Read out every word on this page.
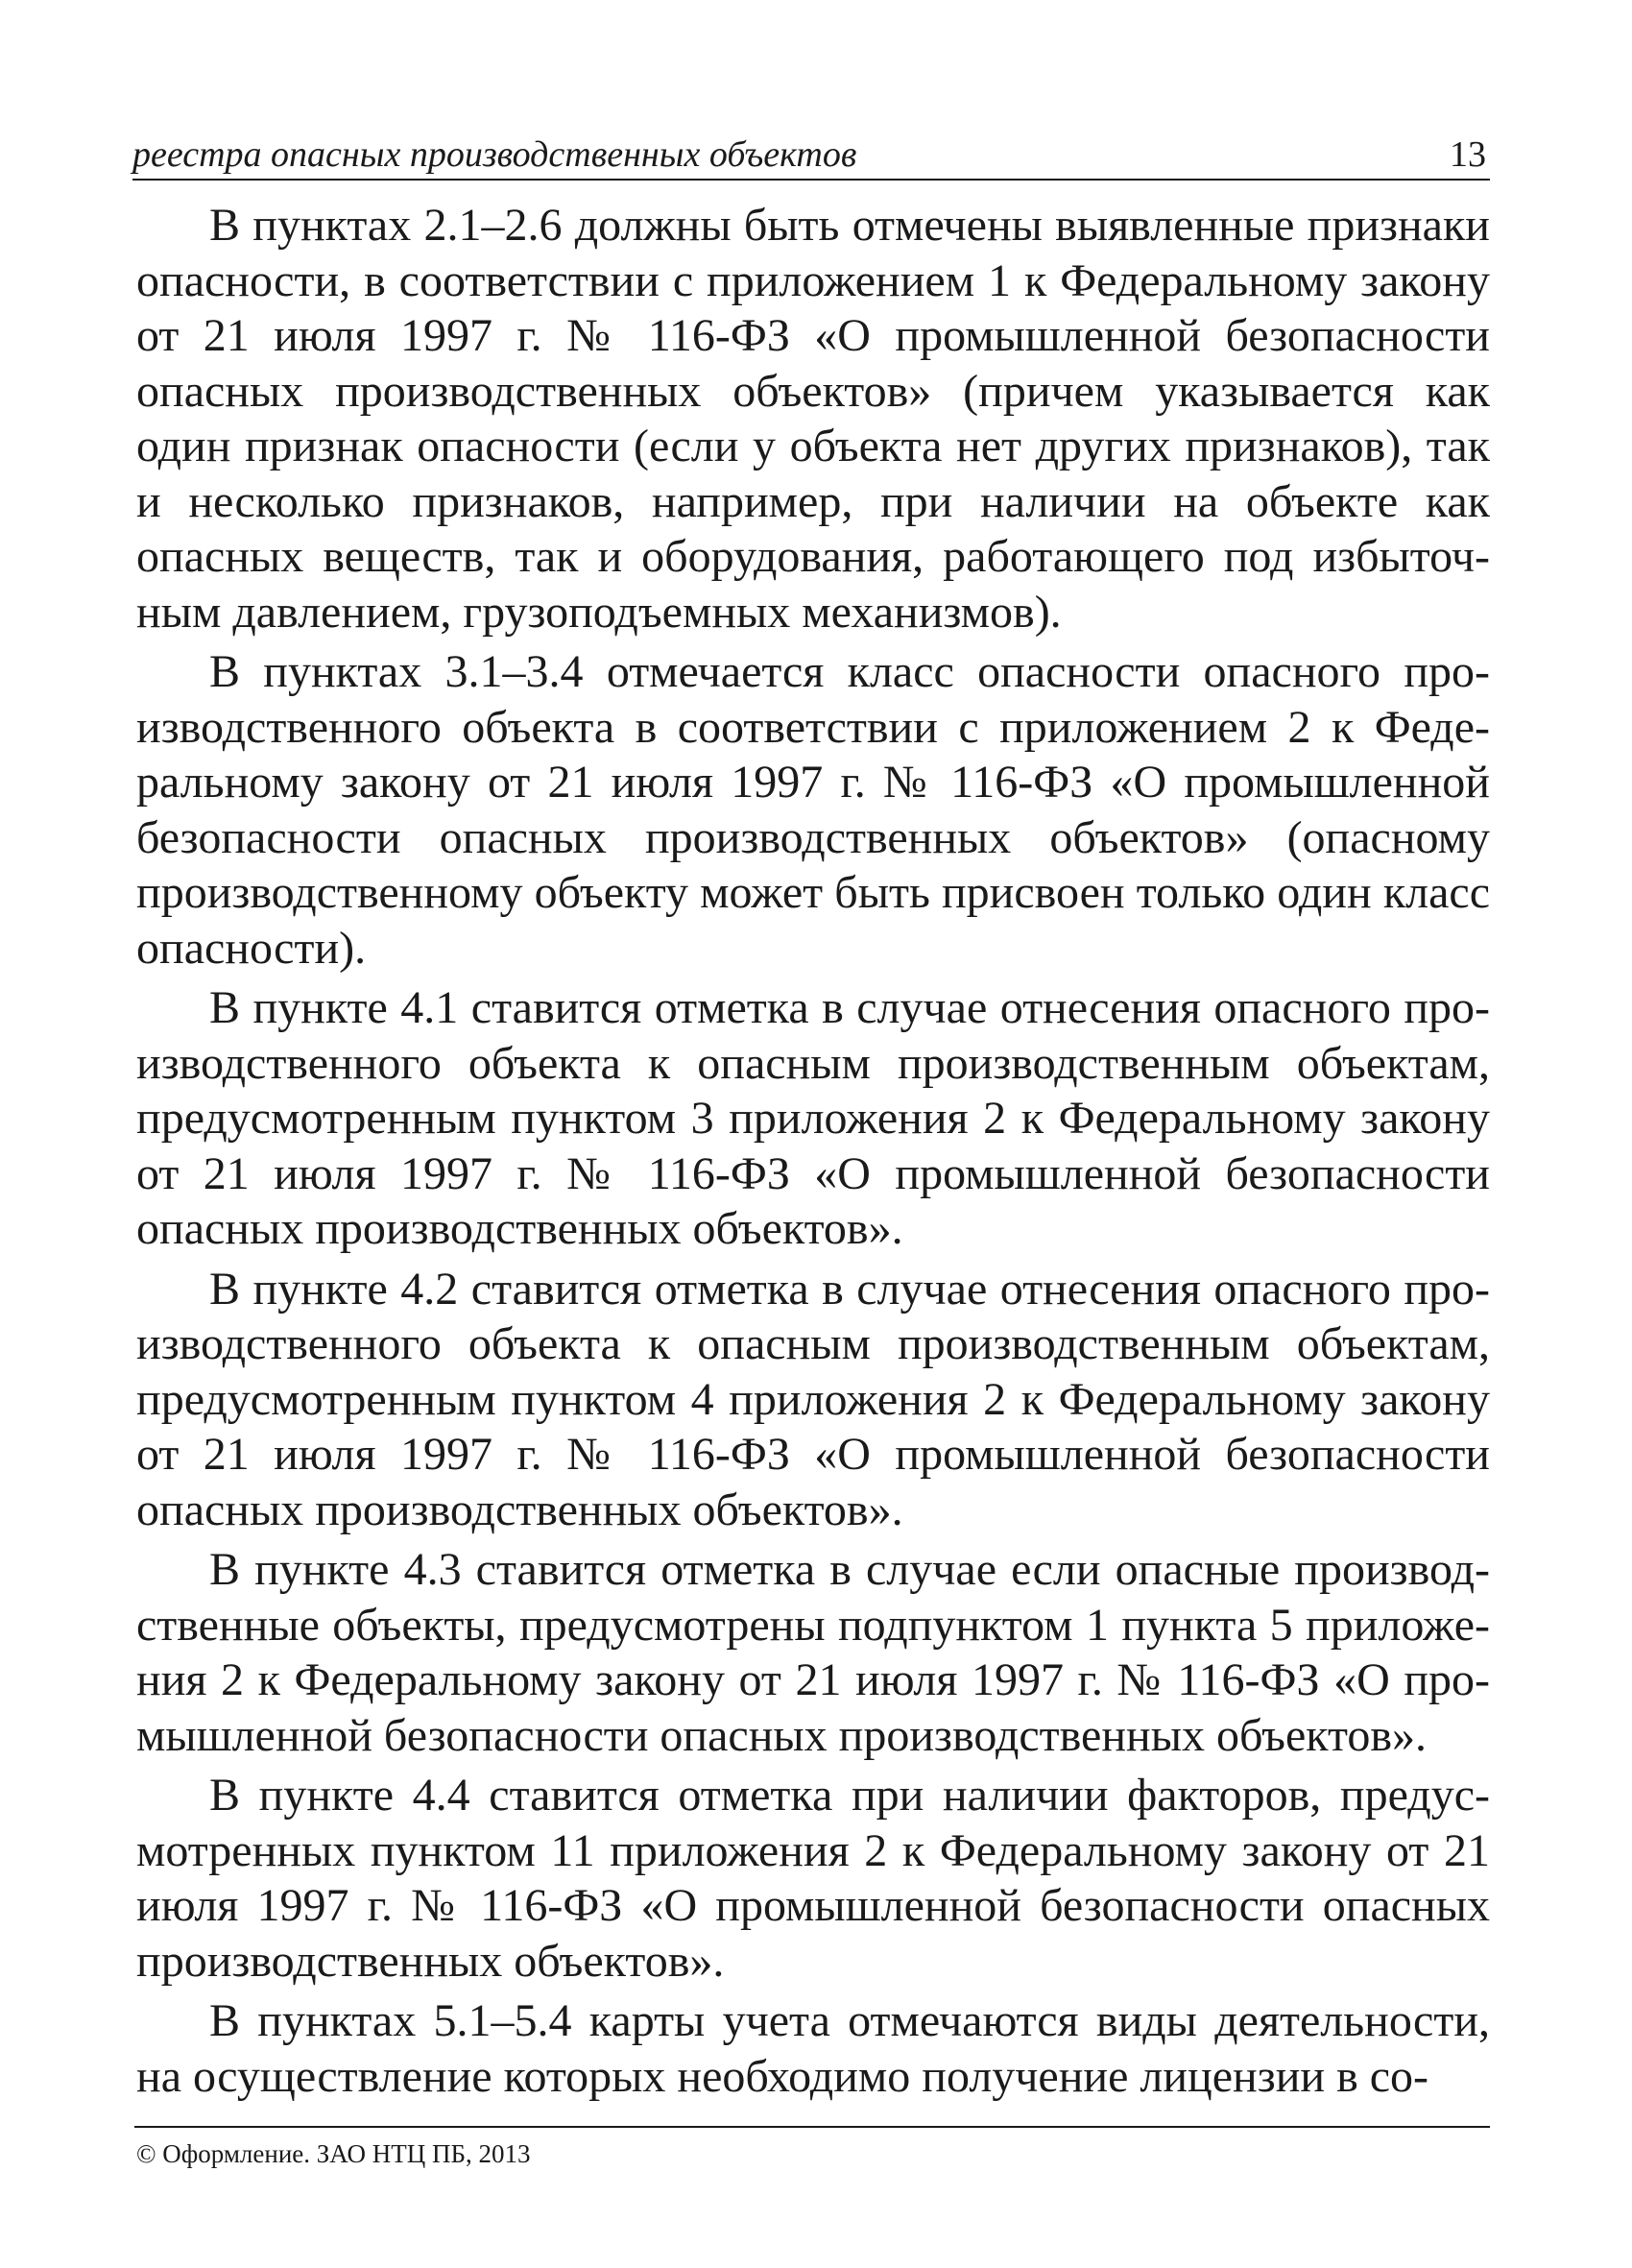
реестра опасных производственных объектов	13

В пунктах 2.1–2.6 должны быть отмечены выявленные признаки опасности, в соответствии с приложением 1 к Федеральному закону от 21 июля 1997 г. № 116-ФЗ «О промышленной безопасности опасных производственных объектов» (причем указывается как один признак опасности (если у объекта нет других признаков), так и несколько признаков, например, при наличии на объекте как опасных веществ, так и оборудования, работающего под избыточным давлением, грузоподъемных механизмов).

В пунктах 3.1–3.4 отмечается класс опасности опасного производственного объекта в соответствии с приложением 2 к Федеральному закону от 21 июля 1997 г. № 116-ФЗ «О промышленной безопасности опасных производственных объектов» (опасному производственному объекту может быть присвоен только один класс опасности).

В пункте 4.1 ставится отметка в случае отнесения опасного производственного объекта к опасным производственным объектам, предусмотренным пунктом 3 приложения 2 к Федеральному закону от 21 июля 1997 г. № 116-ФЗ «О промышленной безопасности опасных производственных объектов».

В пункте 4.2 ставится отметка в случае отнесения опасного производственного объекта к опасным производственным объектам, предусмотренным пунктом 4 приложения 2 к Федеральному закону от 21 июля 1997 г. № 116-ФЗ «О промышленной безопасности опасных производственных объектов».

В пункте 4.3 ставится отметка в случае если опасные производственные объекты, предусмотрены подпунктом 1 пункта 5 приложения 2 к Федеральному закону от 21 июля 1997 г. № 116-ФЗ «О промышленной безопасности опасных производственных объектов».

В пункте 4.4 ставится отметка при наличии факторов, предусмотренных пунктом 11 приложения 2 к Федеральному закону от 21 июля 1997 г. № 116-ФЗ «О промышленной безопасности опасных производственных объектов».

В пунктах 5.1–5.4 карты учета отмечаются виды деятельности, на осуществление которых необходимо получение лицензии в со-

© Оформление. ЗАО НТЦ ПБ, 2013
